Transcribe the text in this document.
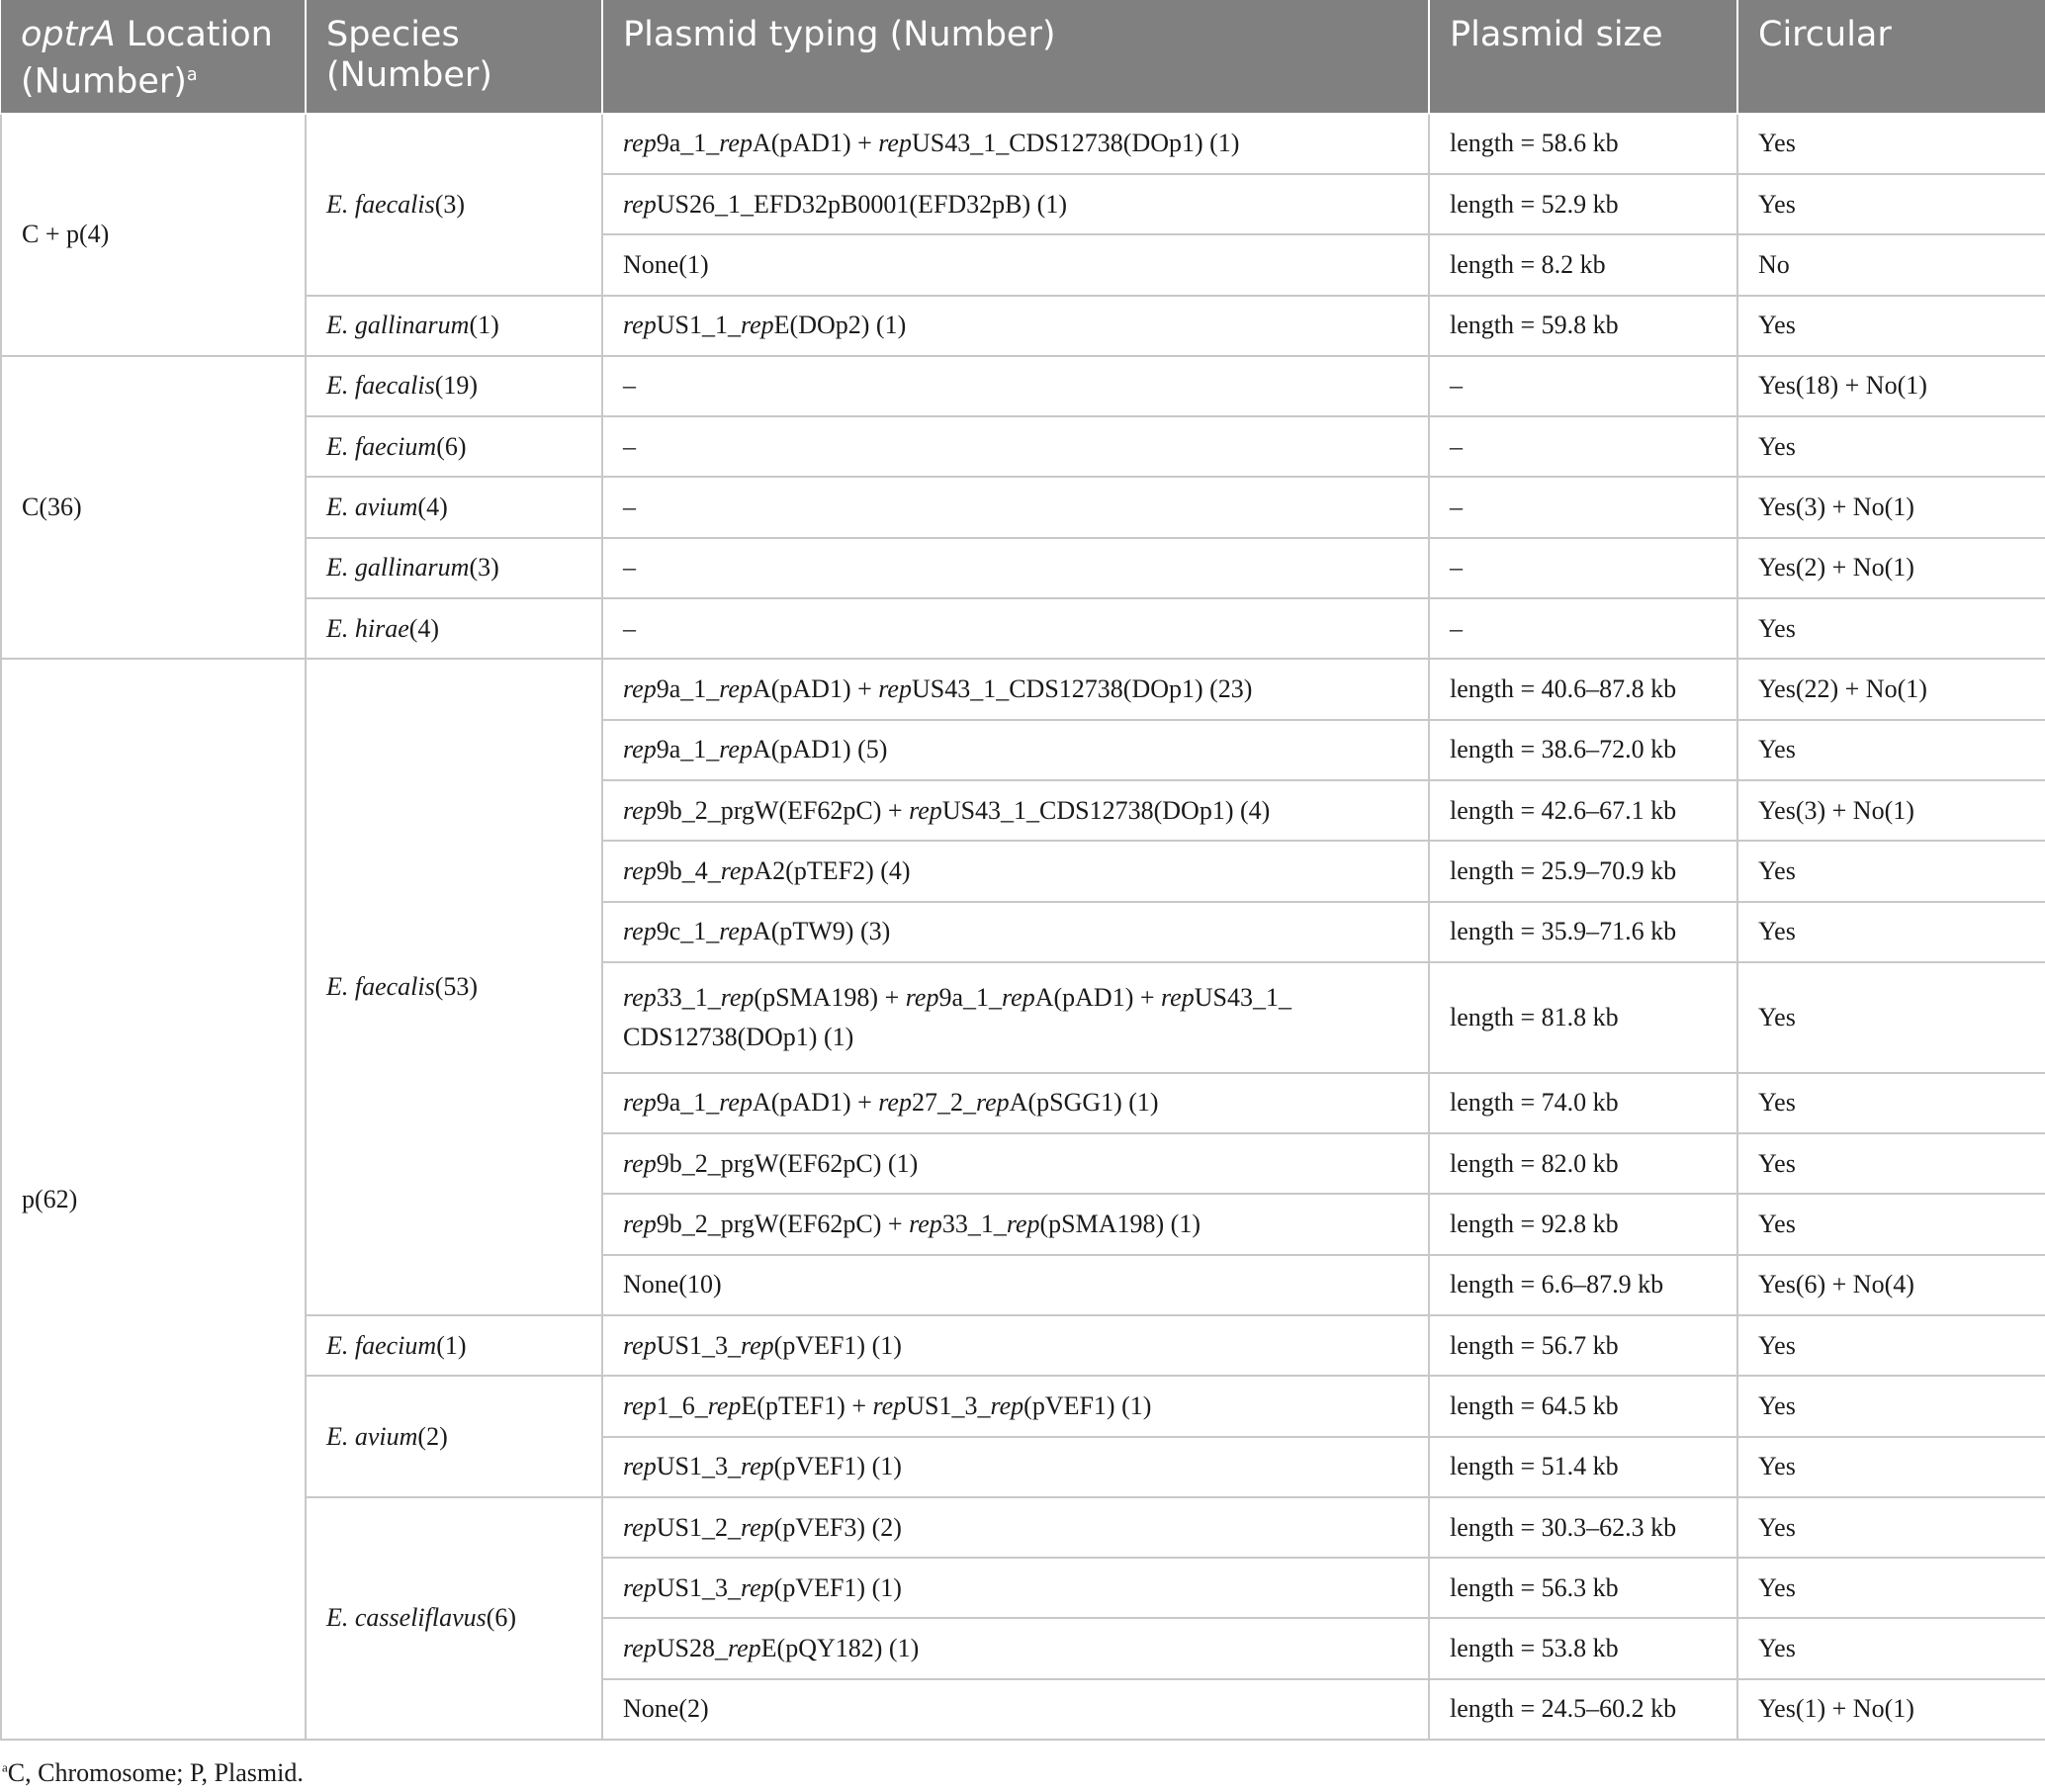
optrA Location (Number)$^a$	Species (Number)	Plasmid typing (Number)	Plasmid size	Circular
C + p(4)	E. faecalis(3)	rep9a_1_repA(pAD1) + repUS43_1_CDS12738(DOp1) (1)	length = 58.6 kb	Yes
		repUS26_1_EFD32pB0001(EFD32pB) (1)	length = 52.9 kb	Yes
		None(1)	length = 8.2 kb	No
	E. gallinarum(1)	repUS1_1_repE(DOp2) (1)	length = 59.8 kb	Yes
C(36)	E. faecalis(19)	–	–	Yes(18) + No(1)
	E. faecium(6)	–	–	Yes
	E. avium(4)	–	–	Yes(3) + No(1)
	E. gallinarum(3)	–	–	Yes(2) + No(1)
	E. hirae(4)	–	–	Yes
p(62)	E. faecalis(53)	rep9a_1_repA(pAD1) + repUS43_1_CDS12738(DOp1) (23)	length = 40.6–87.8 kb	Yes(22) + No(1)
		rep9a_1_repA(pAD1) (5)	length = 38.6–72.0 kb	Yes
		rep9b_2_prgW(EF62pC) + repUS43_1_CDS12738(DOp1) (4)	length = 42.6–67.1 kb	Yes(3) + No(1)
		rep9b_4_repA2(pTEF2) (4)	length = 25.9–70.9 kb	Yes
		rep9c_1_repA(pTW9) (3)	length = 35.9–71.6 kb	Yes
		rep33_1_rep(pSMA198) + rep9a_1_repA(pAD1) + repUS43_1_
CDS12738(DOp1) (1)	length = 81.8 kb	Yes
		rep9a_1_repA(pAD1) + rep27_2_repA(pSGG1) (1)	length = 74.0 kb	Yes
		rep9b_2_prgW(EF62pC) (1)	length = 82.0 kb	Yes
		rep9b_2_prgW(EF62pC) + rep33_1_rep(pSMA198) (1)	length = 92.8 kb	Yes
		None(10)	length = 6.6–87.9 kb	Yes(6) + No(4)
	E. faecium(1)	repUS1_3_rep(pVEF1) (1)	length = 56.7 kb	Yes
	E. avium(2)	rep1_6_repE(pTEF1) + repUS1_3_rep(pVEF1) (1)	length = 64.5 kb	Yes
		repUS1_3_rep(pVEF1) (1)	length = 51.4 kb	Yes
	E. casseliflavus(6)	repUS1_2_rep(pVEF3) (2)	length = 30.3–62.3 kb	Yes
		repUS1_3_rep(pVEF1) (1)	length = 56.3 kb	Yes
		repUS28_repE(pQY182) (1)	length = 53.8 kb	Yes
		None(2)	length = 24.5–60.2 kb	Yes(1) + No(1)
$^a$C, Chromosome; P, Plasmid.
